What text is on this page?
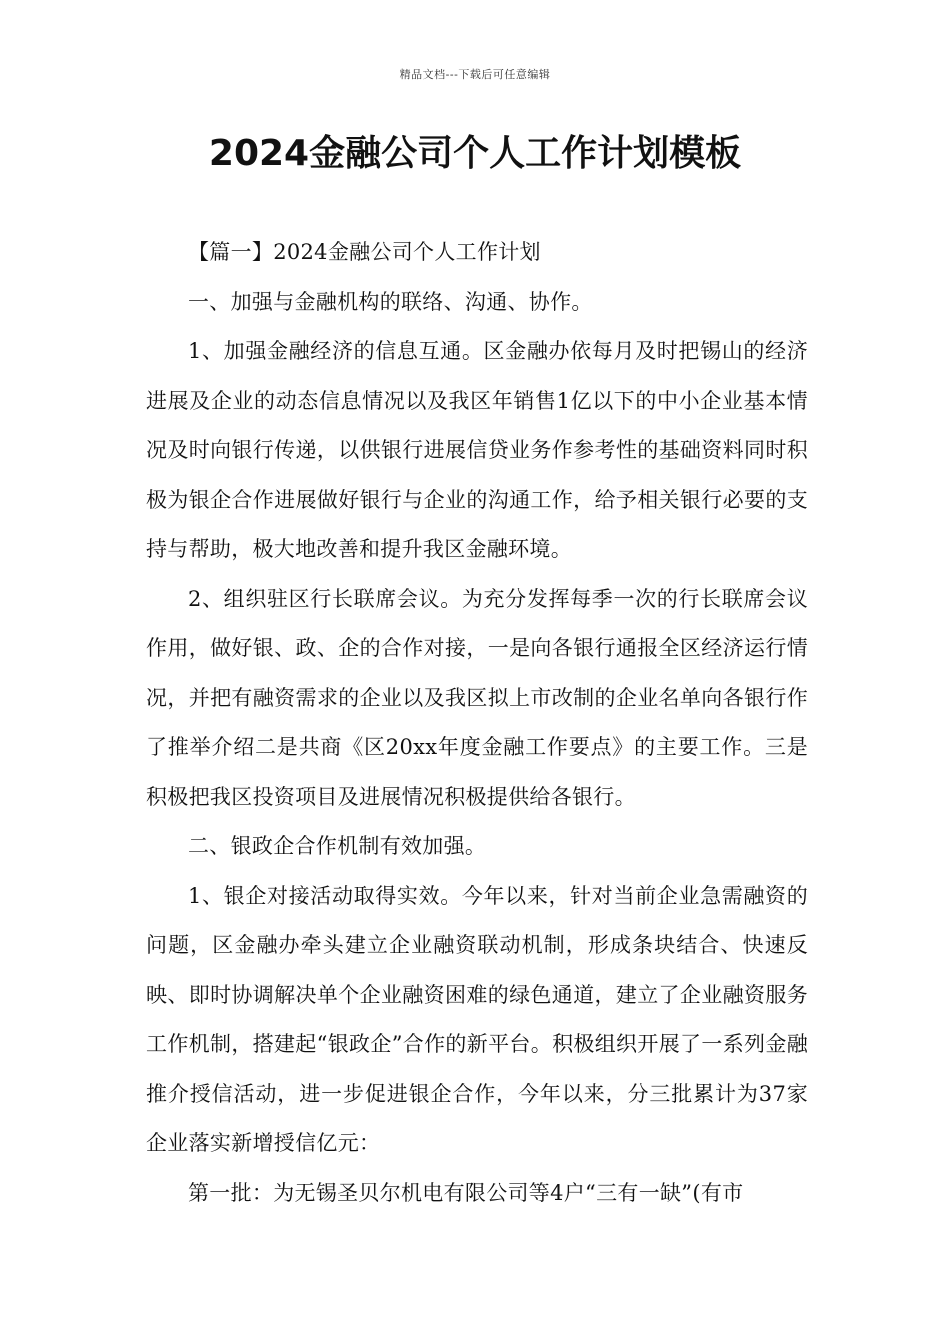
精品文档---下载后可任意编辑
2024金融公司个人工作计划模板

【篇一】2024金融公司个人工作计划

一、加强与金融机构的联络、沟通、协作。

1、加强金融经济的信息互通。区金融办依每月及时把锡山的经济进展及企业的动态信息情况以及我区年销售1亿以下的中小企业基本情况及时向银行传递，以供银行进展信贷业务作参考性的基础资料同时积极为银企合作进展做好银行与企业的沟通工作，给予相关银行必要的支持与帮助，极大地改善和提升我区金融环境。

2、组织驻区行长联席会议。为充分发挥每季一次的行长联席会议作用，做好银、政、企的合作对接，一是向各银行通报全区经济运行情况，并把有融资需求的企业以及我区拟上市改制的企业名单向各银行作了推举介绍二是共商《区20xx年度金融工作要点》的主要工作。三是积极把我区投资项目及进展情况积极提供给各银行。

二、银政企合作机制有效加强。

1、银企对接活动取得实效。今年以来，针对当前企业急需融资的问题，区金融办牵头建立企业融资联动机制，形成条块结合、快速反映、即时协调解决单个企业融资困难的绿色通道，建立了企业融资服务工作机制，搭建起“银政企”合作的新平台。积极组织开展了一系列金融推介授信活动，进一步促进银企合作，今年以来，分三批累计为37家企业落实新增授信亿元：

第一批：为无锡圣贝尔机电有限公司等4户“三有一缺”(有市
